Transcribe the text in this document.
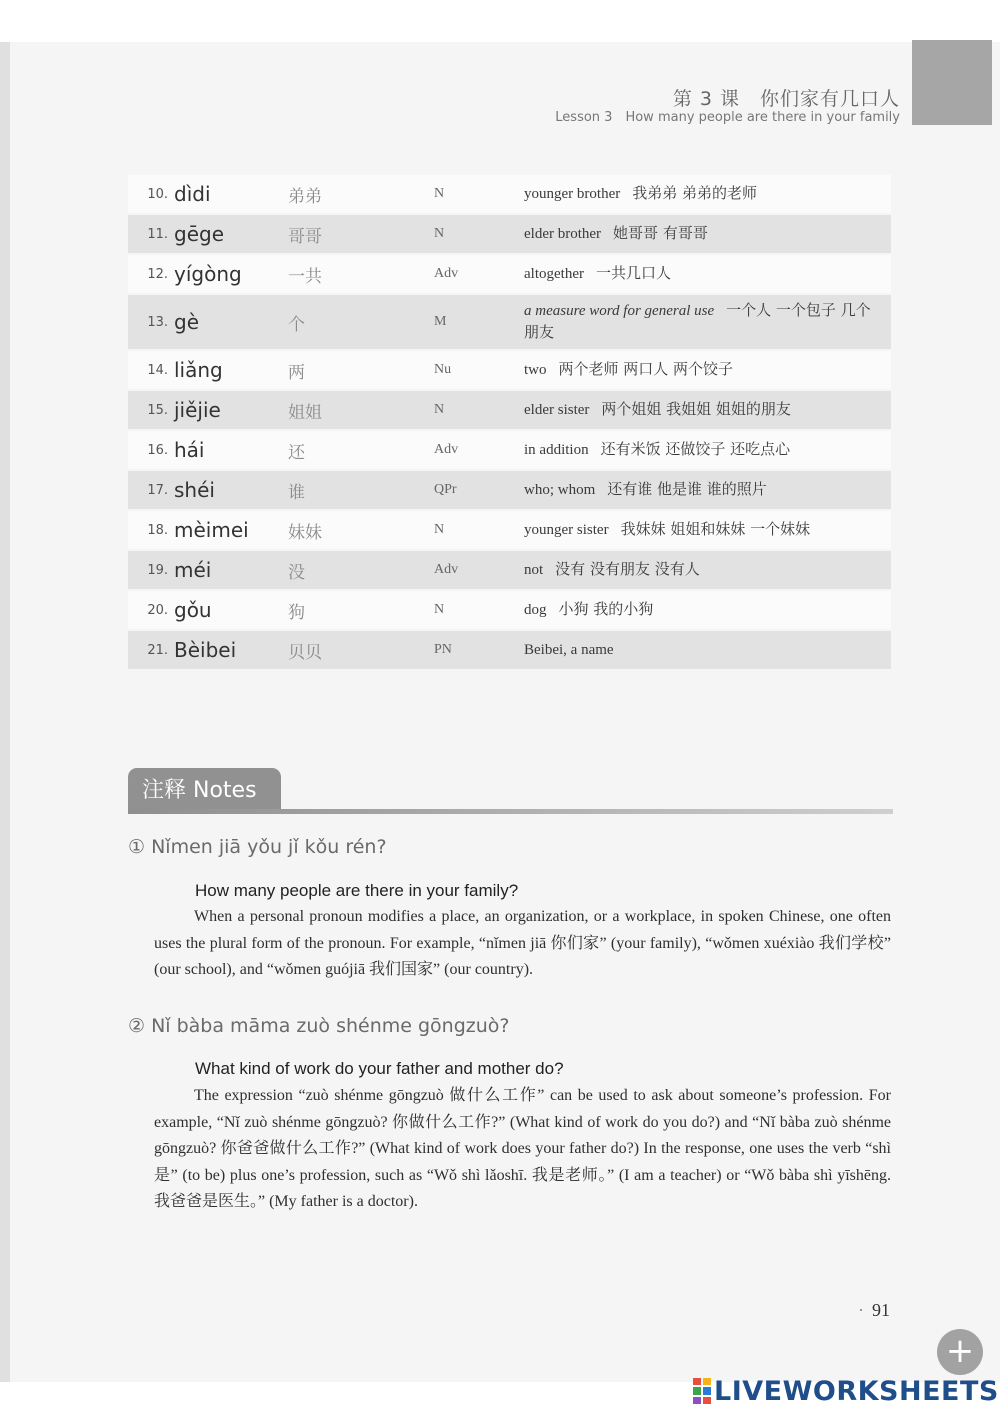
第 3 课　你们家有几口人
Lesson 3　How many people are there in your family
10.	dìdi	弟弟	N	younger brother 我弟弟 弟弟的老师
11.	gēge	哥哥	N	elder brother 她哥哥 有哥哥
12.	yígòng	一共	Adv	altogether 一共几口人
13.	gè	个	M	a measure word for general use 一个人 一个包子 几个朋友
14.	liǎng	两	Nu	two 两个老师 两口人 两个饺子
15.	jiějie	姐姐	N	elder sister 两个姐姐 我姐姐 姐姐的朋友
16.	hái	还	Adv	in addition 还有米饭 还做饺子 还吃点心
17.	shéi	谁	QPr	who; whom 还有谁 他是谁 谁的照片
18.	mèimei	妹妹	N	younger sister 我妹妹 姐姐和妹妹 一个妹妹
19.	méi	没	Adv	not 没有 没有朋友 没有人
20.	gǒu	狗	N	dog 小狗 我的小狗
21.	Bèibei	贝贝	PN	Beibei, a name
注释 Notes
① Nǐmen jiā yǒu jǐ kǒu rén?
How many people are there in your family?
When a personal pronoun modifies a place, an organization, or a workplace, in spoken Chinese, one often uses the plural form of the pronoun. For example, “nǐmen jiā 你们家” (your family), “wǒmen xuéxiào 我们学校” (our school), and “wǒmen guójiā 我们国家” (our country).
② Nǐ bàba māma zuò shénme gōngzuò?
What kind of work do your father and mother do?
The expression “zuò shénme gōngzuò 做什么工作” can be used to ask about someone’s profession. For example, “Nǐ zuò shénme gōngzuò? 你做什么工作?” (What kind of work do you do?) and “Nǐ bàba zuò shénme gōngzuò? 你爸爸做什么工作?” (What kind of work does your father do?) In the response, one uses the verb “shì 是” (to be) plus one’s profession, such as “Wǒ shì lǎoshī. 我是老师。” (I am a teacher) or “Wǒ bàba shì yīshēng. 我爸爸是医生。” (My father is a doctor).
· 91
+
LIVEWORKSHEETS
